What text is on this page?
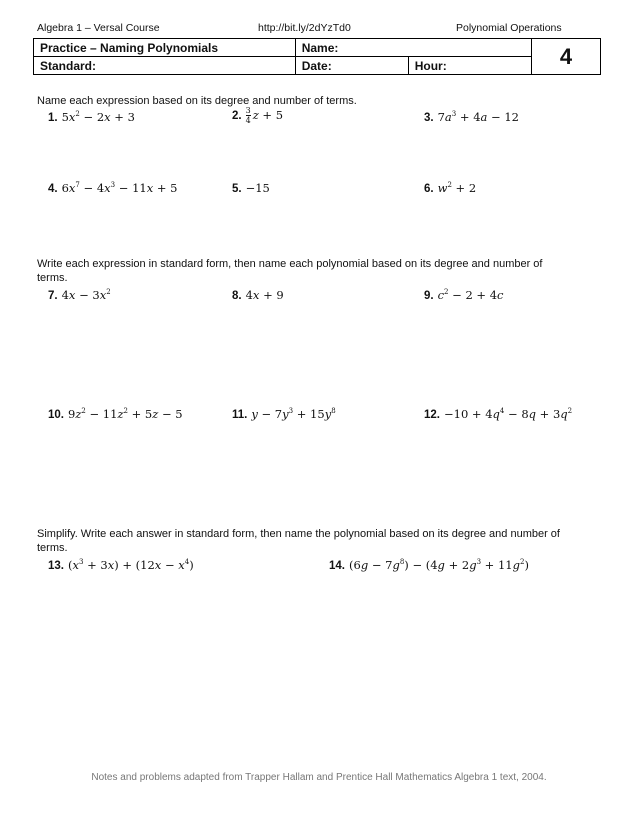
Algebra 1 – Versal Course	http://bit.ly/2dYzTd0	Polynomial Operations
Practice – Naming Polynomials	Name:		4
Standard:	Date:	Hour:	
Name each expression based on its degree and number of terms.
1. $5x^2 - 2x + 3$	2. $\frac{3}{4}$ z + 5	3. $7a^3 + 4a - 12$
4. $6x^7 - 4x^3 - 11x + 5$	5. −15	6. $w^2 + 2$
Write each expression in standard form, then name each polynomial based on its degree and number of
terms.
7. $4x - 3x^2$	8. 4x + 9	9. $c^2 - 2 + 4c$
10. $9z^2 - 11z^2 + 5z - 5$	11. $y - 7y^3 + 15y^8$	12. $-10 + 4q^4 - 8q + 3q^2$
Simplify. Write each answer in standard form, then name the polynomial based on its degree and number of
terms.
13. $(x^3 + 3x) + (12x - x^4)$	14. $(6g - 7g^8) - (4g + 2g^3 + 11g^2)$
Notes and problems adapted from Trapper Hallam and Prentice Hall Mathematics Algebra 1 text, 2004.
